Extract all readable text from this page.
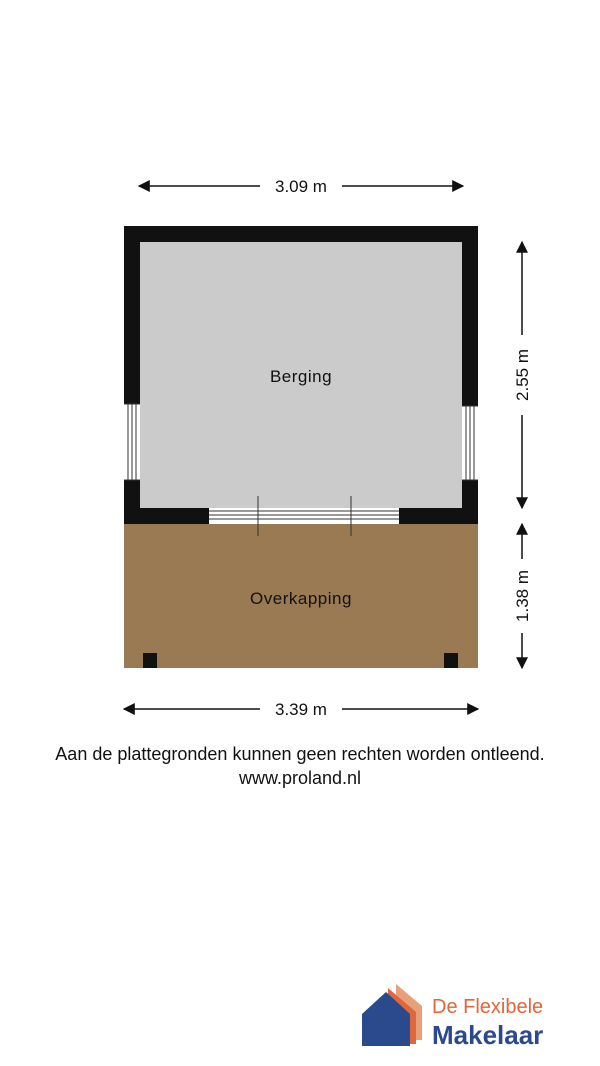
Berging
Overkapping
3.09 m
3.39 m
2.55 m
1.38 m
Aan de plattegronden kunnen geen rechten worden ontleend.
www.proland.nl
De Flexibele
Makelaar
